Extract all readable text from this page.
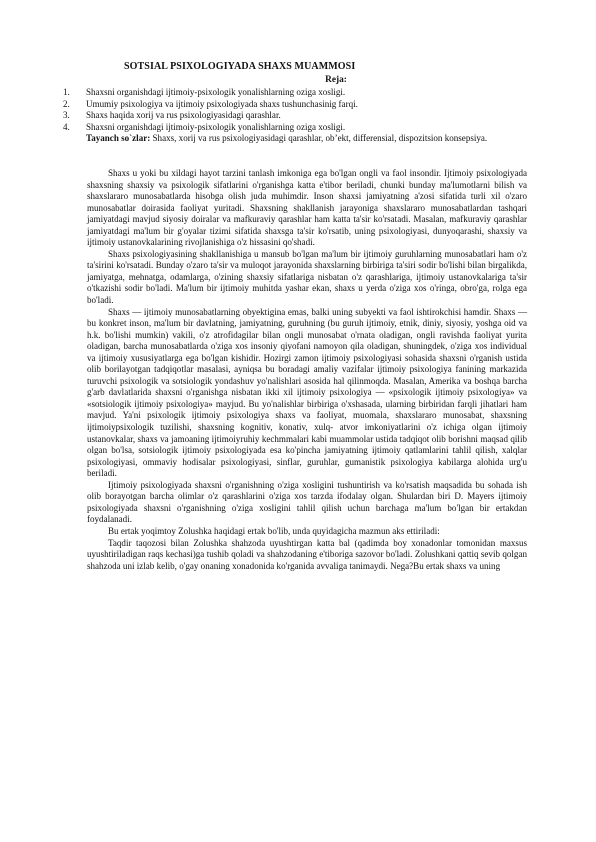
SOTSIAL PSIXOLOGIYADA SHAXS MUAMMOSI
Reja:
1. Shaxsni organishdagi ijtimoiy-psixologik yonalishlarning oziga xosligi.
2. Umumiy psixologiya va ijtimoiy psixologiyada shaxs tushunchasinig farqi.
3. Shaxs haqida xorij va rus psixologiyasidagi qarashlar.
4. Shaxsni organishdagi ijtimoiy-psixologik yonalishlarning oziga xosligi.
Tayanch so`zlar: Shaxs, xorij va rus psixologiyasidagi qarashlar, ob’ekt, differensial, dispozitsion konsepsiya.

Shaxs u yoki bu xildagi hayot tarzini tanlash imkoniga ega bo'lgan ongli va faol insondir. Ijtimoiy psixologiyada shaxsning shaxsiy va psixologik sifatlarini o'rganishga katta e'tibor beriladi, chunki bunday ma'lumotlarni bilish va shaxslararo munosabatlarda hisobga olish juda muhimdir. Inson shaxsi jamiyatning a'zosi sifatida turli xil o'zaro munosabatlar doirasida faoliyat yuritadi. Shaxsning shakllanish jarayoniga shaxslararo munosabatlardan tashqari jamiyatdagi mavjud siyosiy doiralar va mafkuraviy qarashlar ham katta ta'sir ko'rsatadi. Masalan, mafkuraviy qarashlar jamiyatdagi ma'lum bir g'oyalar tizimi sifatida shaxsga ta'sir ko'rsatib, uning psixologiyasi, dunyoqarashi, shaxsiy va ijtimoiy ustanovkalarining rivojlanishiga o'z hissasini qo'shadi.

Shaxs psixologiyasining shakllanishiga u mansub bo'lgan ma'lum bir ijtimoiy guruhlarning munosabatlari ham o'z ta'sirini ko'rsatadi. Bunday o'zaro ta'sir va muloqot jarayonida shaxslarning birbiriga ta'siri sodir bo'lishi bilan birgalikda, jamiyatga, mehnatga, odamlarga, o'zining shaxsiy sifatlariga nisbatan o'z qarashlariga, ijtimoiy ustanovkalariga ta'sir o'tkazishi sodir bo'ladi. Ma'lum bir ijtimoiy muhitda yashar ekan, shaxs u yerda o'ziga xos o'ringa, obro'ga, rolga ega bo'ladi.

Shaxs — ijtimoiy munosabatlarning obyektigina emas, balki uning subyekti va faol ishtirokchisi hamdir. Shaxs — bu konkret inson, ma'lum bir davlatning, jamiyatning, guruhning (bu guruh ijtimoiy, etnik, diniy, siyosiy, yoshga oid va h.k. bo'lishi mumkin) vakili, o'z atrofidagilar bilan ongli munosabat o'rnata oladigan, ongli ravishda faoliyat yurita oladigan, barcha munosabatlarda o'ziga xos insoniy qiyofani namoyon qila oladigan, shuningdek, o'ziga xos individual va ijtimoiy xususiyatlarga ega bo'lgan kishidir. Hozirgi zamon ijtimoiy psixologiyasi sohasida shaxsni o'rganish ustida olib borilayotgan tadqiqotlar masalasi, ayniqsa bu boradagi amaliy vazifalar ijtimoiy psixologiya fanining markazida turuvchi psixologik va sotsiologik yondashuv yo'nalishlari asosida hal qilinmoqda. Masalan, Amerika va boshqa barcha g'arb davlatlarida shaxsni o'rganishga nisbatan ikki xil ijtimoiy psixologiya — «psixologik ijtimoiy psixologiya» va «sotsiologik ijtimoiy psixologiya» mayjud. Bu yo'nalishlar birbiriga o'xshasada, ularning birbiridan farqli jihatlari ham mavjud. Ya'ni psixologik ijtimoiy psixologiya shaxs va faoliyat, muomala, shaxslararo munosabat, shaxsning ijtimoiypsixologik tuzilishi, shaxsning kognitiv, konativ, xulq- atvor imkoniyatlarini o'z ichiga olgan ijtimoiy ustanovkalar, shaxs va jamoaning ijtimoiyruhiy kechmmalari kabi muammolar ustida tadqiqot olib borishni maqsad qilib olgan bo'lsa, sotsiologik ijtimoiy psixologiyada esa ko'pincha jamiyatning ijtimoiy qatlamlarini tahlil qilish, xalqlar psixologiyasi, ommaviy hodisalar psixologiyasi, sinflar, guruhlar, gumanistik psixologiya kabilarga alohida urg'u beriladi.

Ijtimoiy psixologiyada shaxsni o'rganishning o'ziga xosligini tushuntirish va ko'rsatish maqsadida bu sohada ish olib borayotgan barcha olimlar o'z qarashlarini o'ziga xos tarzda ifodalay olgan. Shulardan biri D. Mayers ijtimoiy psixologiyada shaxsni o'rganishning o'ziga xosligini tahlil qilish uchun barchaga ma'lum bo'lgan bir ertakdan foydalanadi.

Bu ertak yoqimtoy Zolushka haqidagi ertak bo'lib, unda quyidagicha mazmun aks ettiriladi:

Taqdir taqozosi bilan Zolushka shahzoda uyushtirgan katta bal (qadimda boy xonadonlar tomonidan maxsus uyushtiriladigan raqs kechasi)ga tushib qoladi va shahzodaning e'tiboriga sazovor bo'ladi. Zolushkani qattiq sevib qolgan shahzoda uni izlab kelib, o'gay onaning xonadonida ko'rganida avvaliga tanimaydi. Nega?Bu ertak shaxs va uning
